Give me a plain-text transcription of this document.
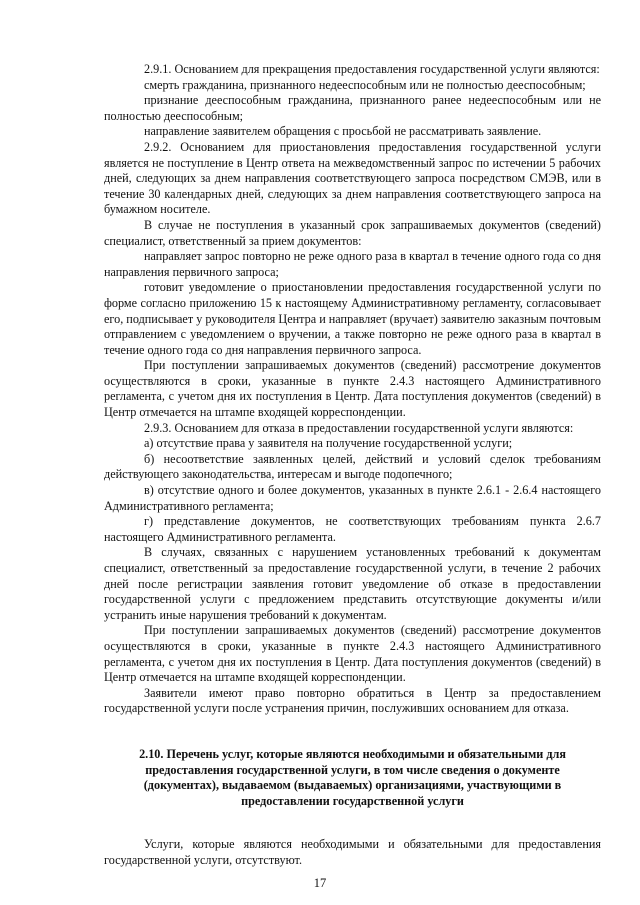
2.9.1. Основанием для прекращения предоставления государственной услуги являются:

смерть гражданина, признанного недееспособным или не полностью дееспособным;

признание дееспособным гражданина, признанного ранее недееспособным или не полностью дееспособным;

направление заявителем обращения с просьбой не рассматривать заявление.

2.9.2. Основанием для приостановления предоставления государственной услуги является не поступление в Центр ответа на межведомственный запрос по истечении 5 рабочих дней, следующих за днем направления соответствующего запроса посредством СМЭВ, или в течение 30 календарных дней, следующих за днем направления соответствующего запроса на бумажном носителе.

В случае не поступления в указанный срок запрашиваемых документов (сведений) специалист, ответственный за прием документов:

направляет запрос повторно не реже одного раза в квартал в течение одного года со дня направления первичного запроса;

готовит уведомление о приостановлении предоставления государственной услуги по форме согласно приложению 15 к настоящему Административному регламенту, согласовывает его, подписывает у руководителя Центра и направляет (вручает) заявителю заказным почтовым отправлением с уведомлением о вручении, а также повторно не реже одного раза в квартал в течение одного года со дня направления первичного запроса.

При поступлении запрашиваемых документов (сведений) рассмотрение документов осуществляются в сроки, указанные в пункте 2.4.3 настоящего Административного регламента, с учетом дня их поступления в Центр. Дата поступления документов (сведений) в Центр отмечается на штампе входящей корреспонденции.

2.9.3. Основанием для отказа в предоставлении государственной услуги являются:

а) отсутствие права у заявителя на получение государственной услуги;

б) несоответствие заявленных целей, действий и условий сделок требованиям действующего законодательства, интересам и выгоде подопечного;

в) отсутствие одного и более документов, указанных в пункте 2.6.1 - 2.6.4 настоящего Административного регламента;

г) представление документов, не соответствующих требованиям пункта 2.6.7 настоящего Административного регламента.

В случаях, связанных с нарушением установленных требований к документам специалист, ответственный за предоставление государственной услуги, в течение 2 рабочих дней после регистрации заявления готовит уведомление об отказе в предоставлении государственной услуги с предложением представить отсутствующие документы и/или устранить иные нарушения требований к документам.

При поступлении запрашиваемых документов (сведений) рассмотрение документов осуществляются в сроки, указанные в пункте 2.4.3 настоящего Административного регламента, с учетом дня их поступления в Центр. Дата поступления документов (сведений) в Центр отмечается на штампе входящей корреспонденции.

Заявители имеют право повторно обратиться в Центр за предоставлением государственной услуги после устранения причин, послуживших основанием для отказа.

2.10. Перечень услуг, которые являются необходимыми и обязательными для предоставления государственной услуги, в том числе сведения о документе (документах), выдаваемом (выдаваемых) организациями, участвующими в предоставлении государственной услуги

Услуги, которые являются необходимыми и обязательными для предоставления государственной услуги, отсутствуют.

17
